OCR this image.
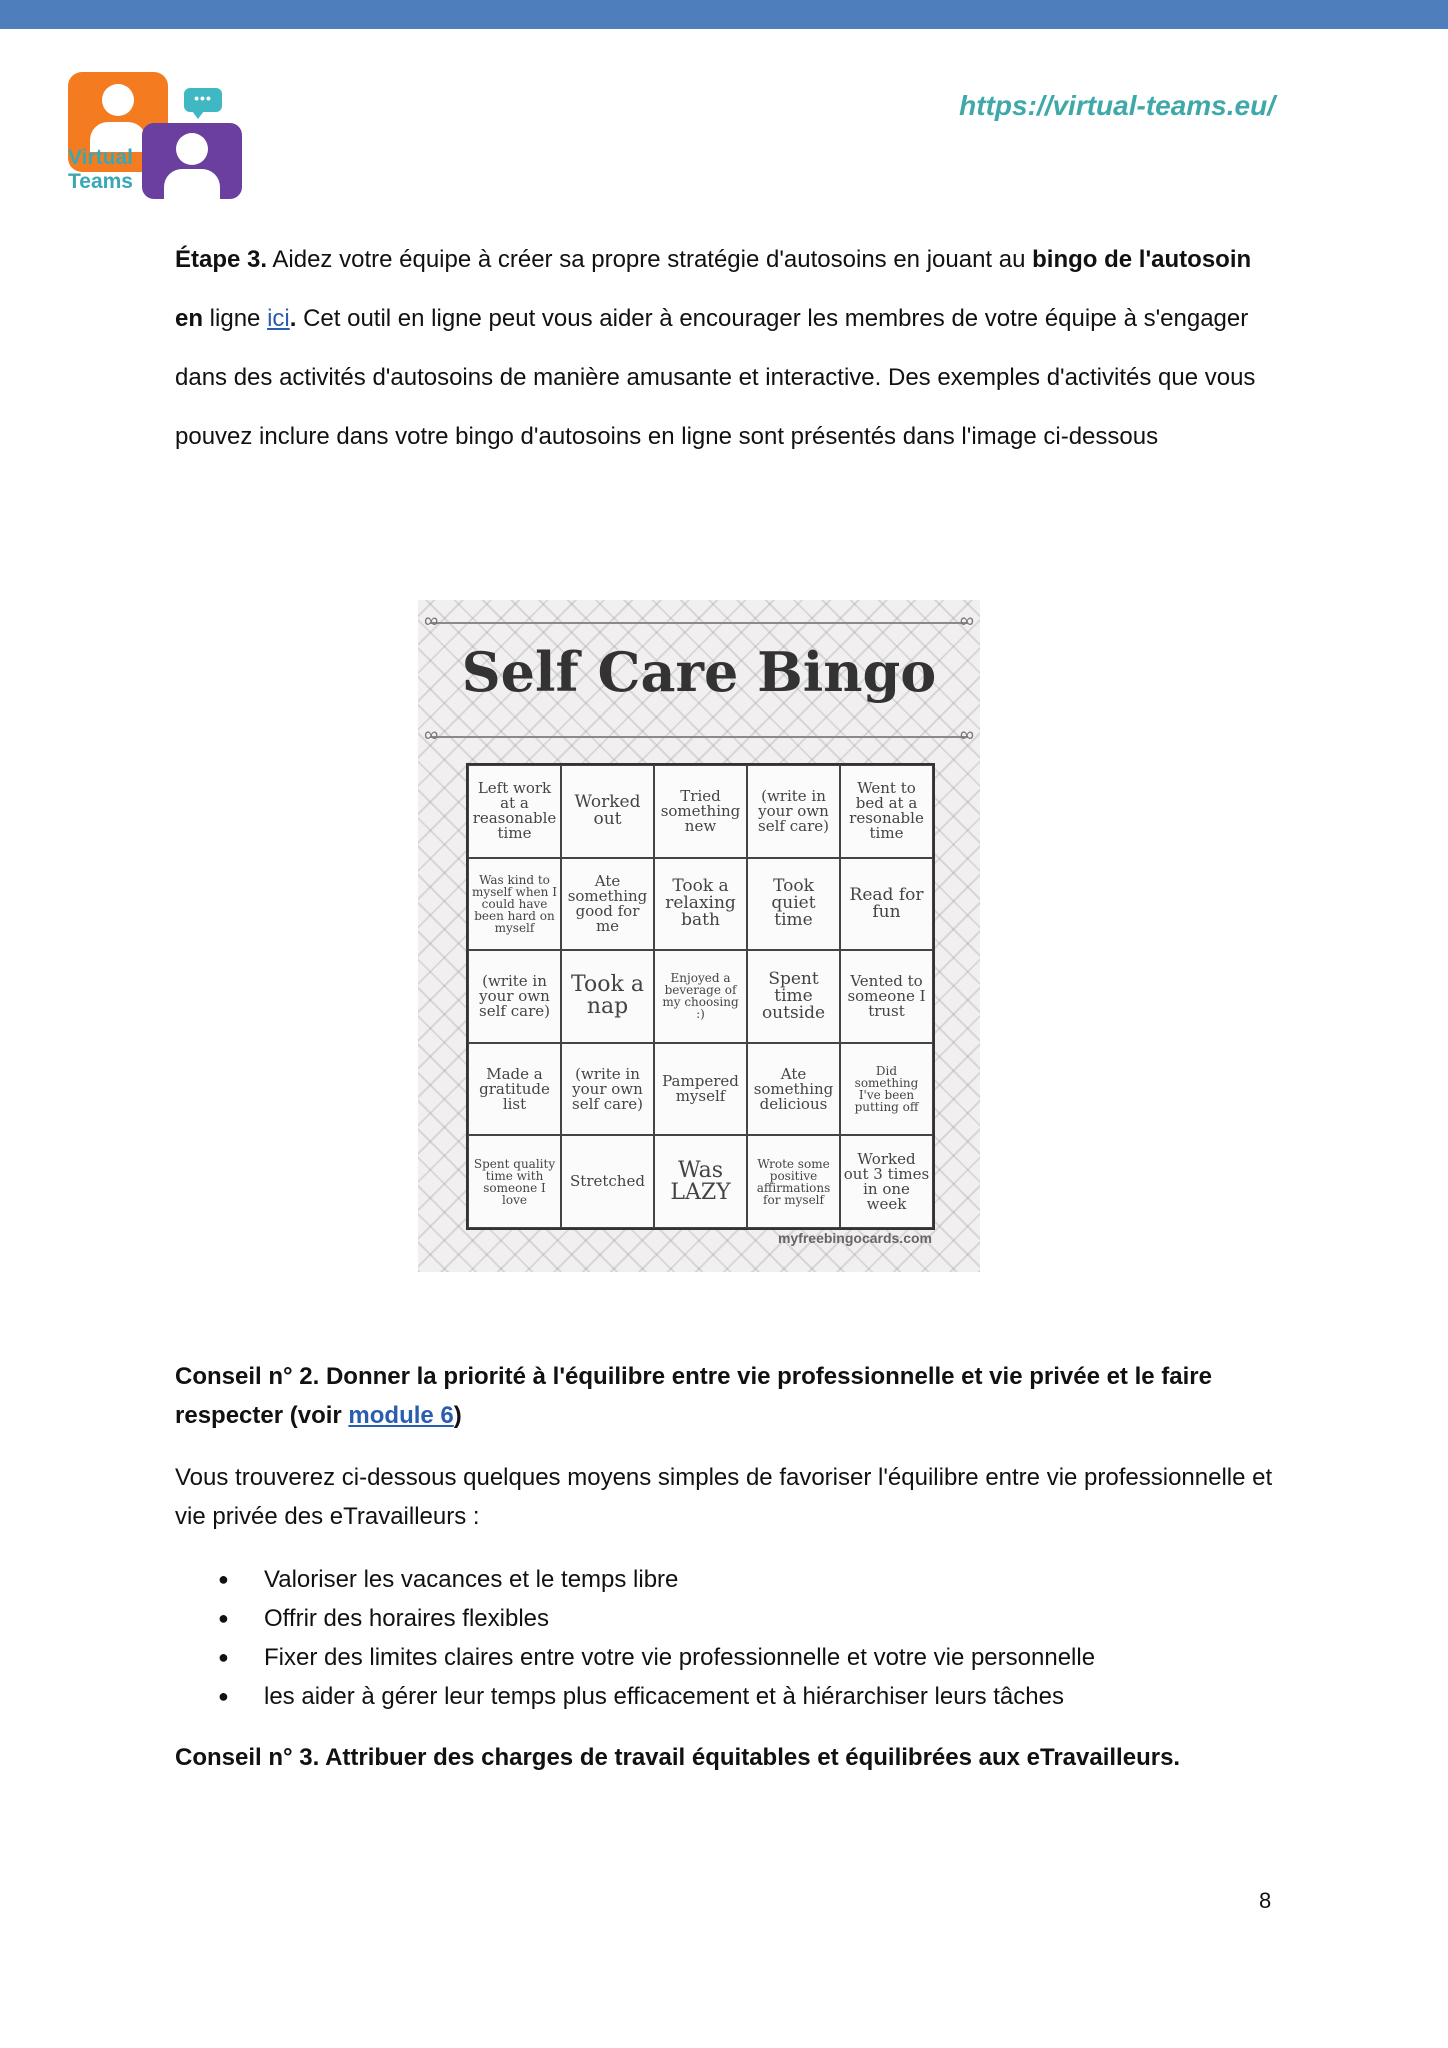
•••
Virtual
Teams
https://virtual-teams.eu/
Étape 3. Aidez votre équipe à créer sa propre stratégie d'autosoins en jouant au bingo de l'autosoin en ligne ici. Cet outil en ligne peut vous aider à encourager les membres de votre équipe à s'engager dans des activités d'autosoins de manière amusante et interactive. Des exemples d'activités que vous pouvez inclure dans votre bingo d'autosoins en ligne sont présentés dans l'image ci-dessous
∞ ∞
Self Care Bingo
∞ ∞
Left work at a reasonable time
Worked out
Tried something new
(write in your own self care)
Went to bed at a resonable time
Was kind to myself when I could have been hard on myself
Ate something good for me
Took a relaxing bath
Took quiet time
Read for fun
(write in your own self care)
Took a nap
Enjoyed a beverage of my choosing :)
Spent time outside
Vented to someone I trust
Made a gratitude list
(write in your own self care)
Pampered myself
Ate something delicious
Did something I've been putting off
Spent quality time with someone I love
Stretched	Was LAZY
Wrote some positive affirmations for myself
Worked out 3 times in one week
myfreebingocards.com
Conseil n° 2. Donner la priorité à l'équilibre entre vie professionnelle et vie privée et le faire respecter (voir module 6)
Vous trouverez ci-dessous quelques moyens simples de favoriser l'équilibre entre vie professionnelle et vie privée des eTravailleurs :
● Valoriser les vacances et le temps libre
● Offrir des horaires flexibles
● Fixer des limites claires entre votre vie professionnelle et votre vie personnelle
● les aider à gérer leur temps plus efficacement et à hiérarchiser leurs tâches
Conseil n° 3. Attribuer des charges de travail équitables et équilibrées aux eTravailleurs.
8
